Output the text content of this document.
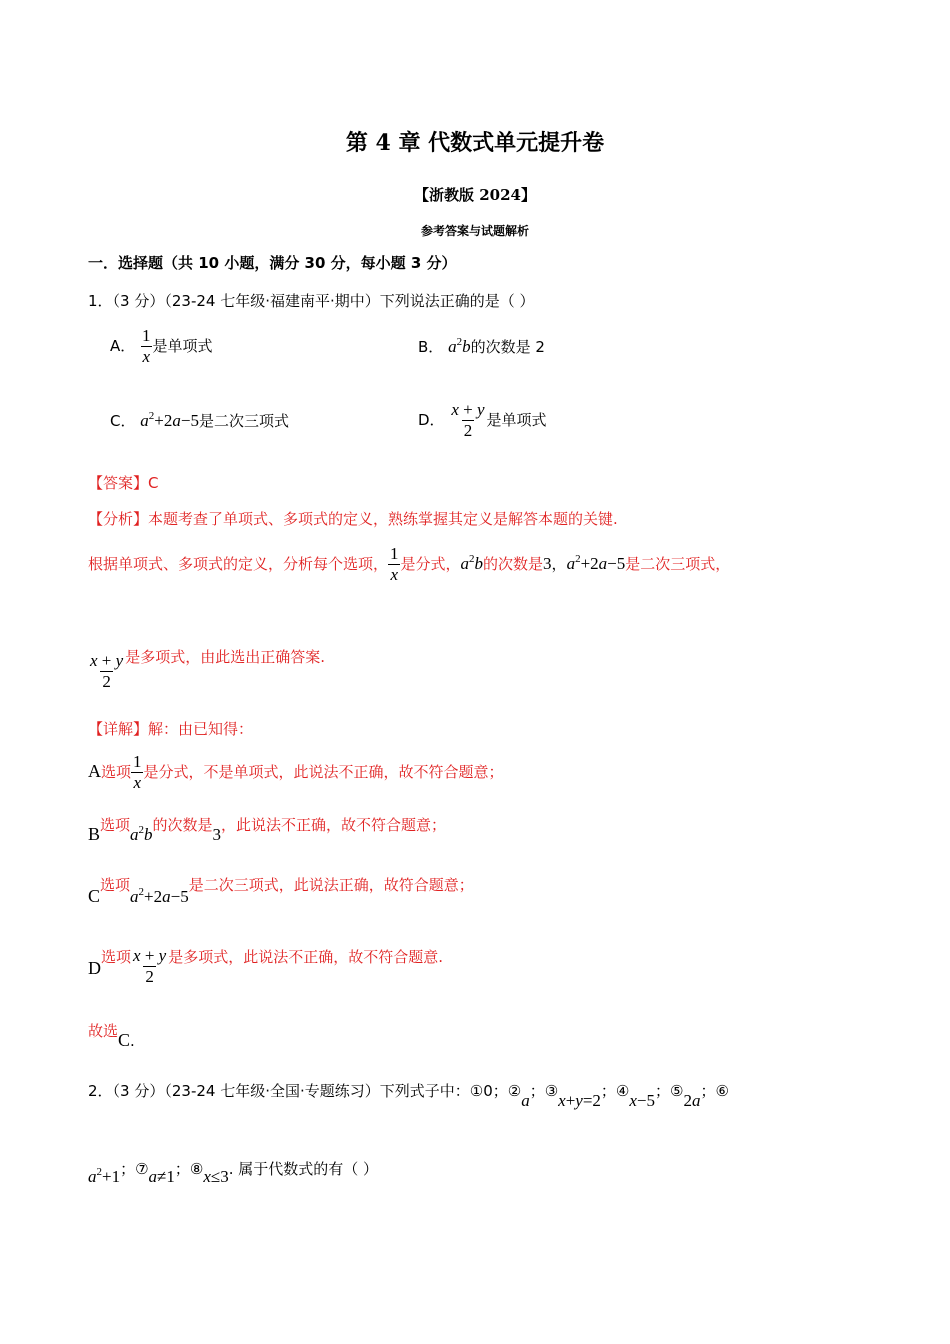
第 4 章 代数式单元提升卷
【浙教版 2024】
参考答案与试题解析
一．选择题（共 10 小题，满分 30 分，每小题 3 分）
1．（3 分）（23-24 七年级·福建南平·期中）下列说法正确的是（ ）
A． $\frac{1}{x}$ 是单项式	B． $a^2b$的次数是 2
C． $a^2+2a-5$是二次三项式	D． $\frac{x + y}{2}$ 是单项式
【答案】C
【分析】本题考查了单项式、多项式的定义，熟练掌握其定义是解答本题的关键.
根据单项式、多项式的定义，分析每个选项， $\frac{1}{x}$ 是分式，$a^2b$的次数是3，$a^2+2a-5$是二次三项式，
$\frac{x + y}{2}$ 是多项式，由此选出正确答案.
【详解】解：由已知得：
A选项 $\frac{1}{x}$ 是分式，不是单项式，此说法不正确，故不符合题意；
B选项$a^2b$的次数是3，此说法不正确，故不符合题意；
C选项$a^2+2a-5$是二次三项式，此说法正确，故符合题意；
D选项 $\frac{x + y}{2}$ 是多项式，此说法不正确，故不符合题意.
故选C.
2．（3 分）（23-24 七年级·全国·专题练习）下列式子中：①0；②a；③x+y=2；④x−5；⑤2a；⑥
$a^2+1$；⑦a≠1；⑧x≤3. 属于代数式的有（ ）
